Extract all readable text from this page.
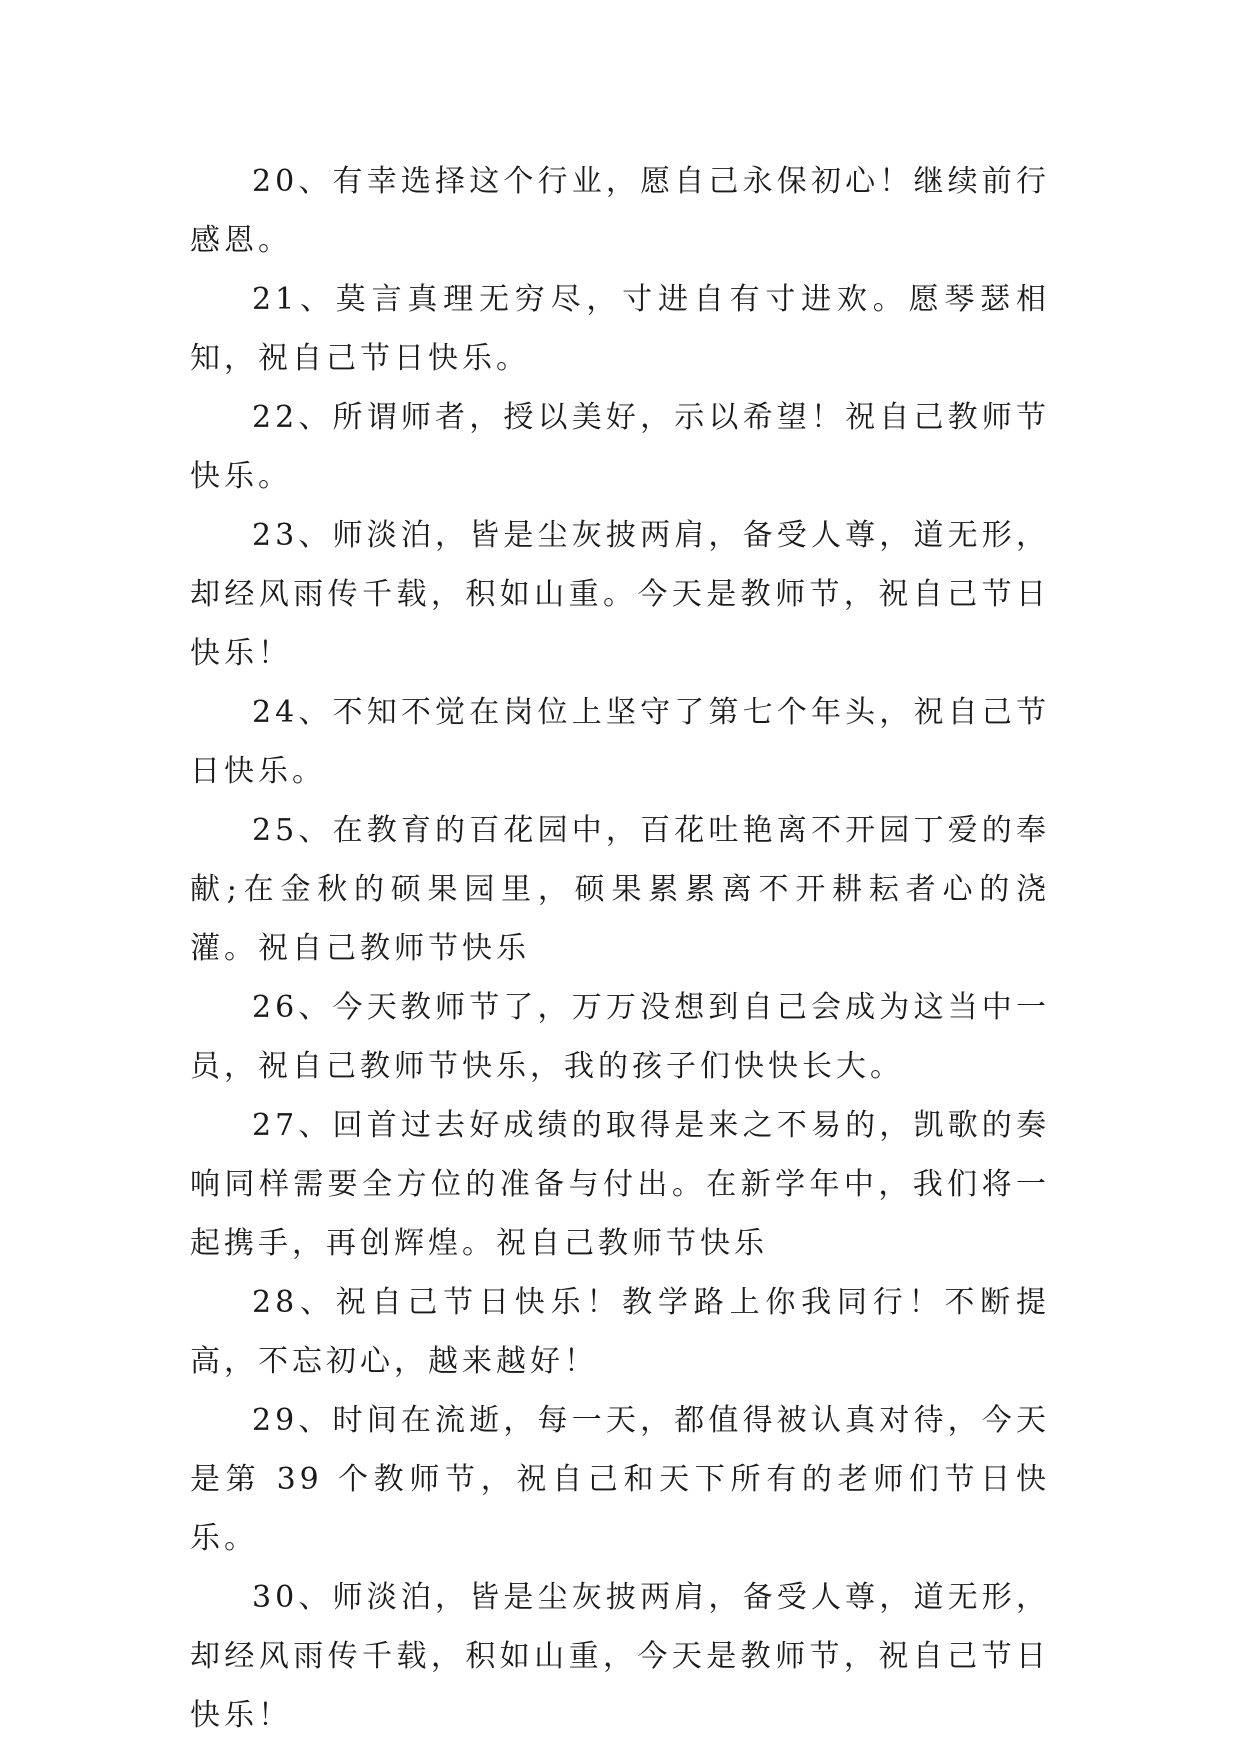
20、有幸选择这个行业，愿自己永保初心！继续前行感恩。

21、莫言真理无穷尽，寸进自有寸进欢。愿琴瑟相知，祝自己节日快乐。

22、所谓师者，授以美好，示以希望！祝自己教师节快乐。

23、师淡泊，皆是尘灰披两肩，备受人尊，道无形，却经风雨传千载，积如山重。今天是教师节，祝自己节日快乐！

24、不知不觉在岗位上坚守了第七个年头，祝自己节日快乐。

25、在教育的百花园中，百花吐艳离不开园丁爱的奉献;在金秋的硕果园里，硕果累累离不开耕耘者心的浇灌。祝自己教师节快乐

26、今天教师节了，万万没想到自己会成为这当中一员，祝自己教师节快乐，我的孩子们快快长大。

27、回首过去好成绩的取得是来之不易的，凯歌的奏响同样需要全方位的准备与付出。在新学年中，我们将一起携手，再创辉煌。祝自己教师节快乐

28、祝自己节日快乐！教学路上你我同行！不断提高，不忘初心，越来越好！

29、时间在流逝，每一天，都值得被认真对待，今天是第 39 个教师节，祝自己和天下所有的老师们节日快乐。

30、师淡泊，皆是尘灰披两肩，备受人尊，道无形，却经风雨传千载，积如山重，今天是教师节，祝自己节日快乐！
